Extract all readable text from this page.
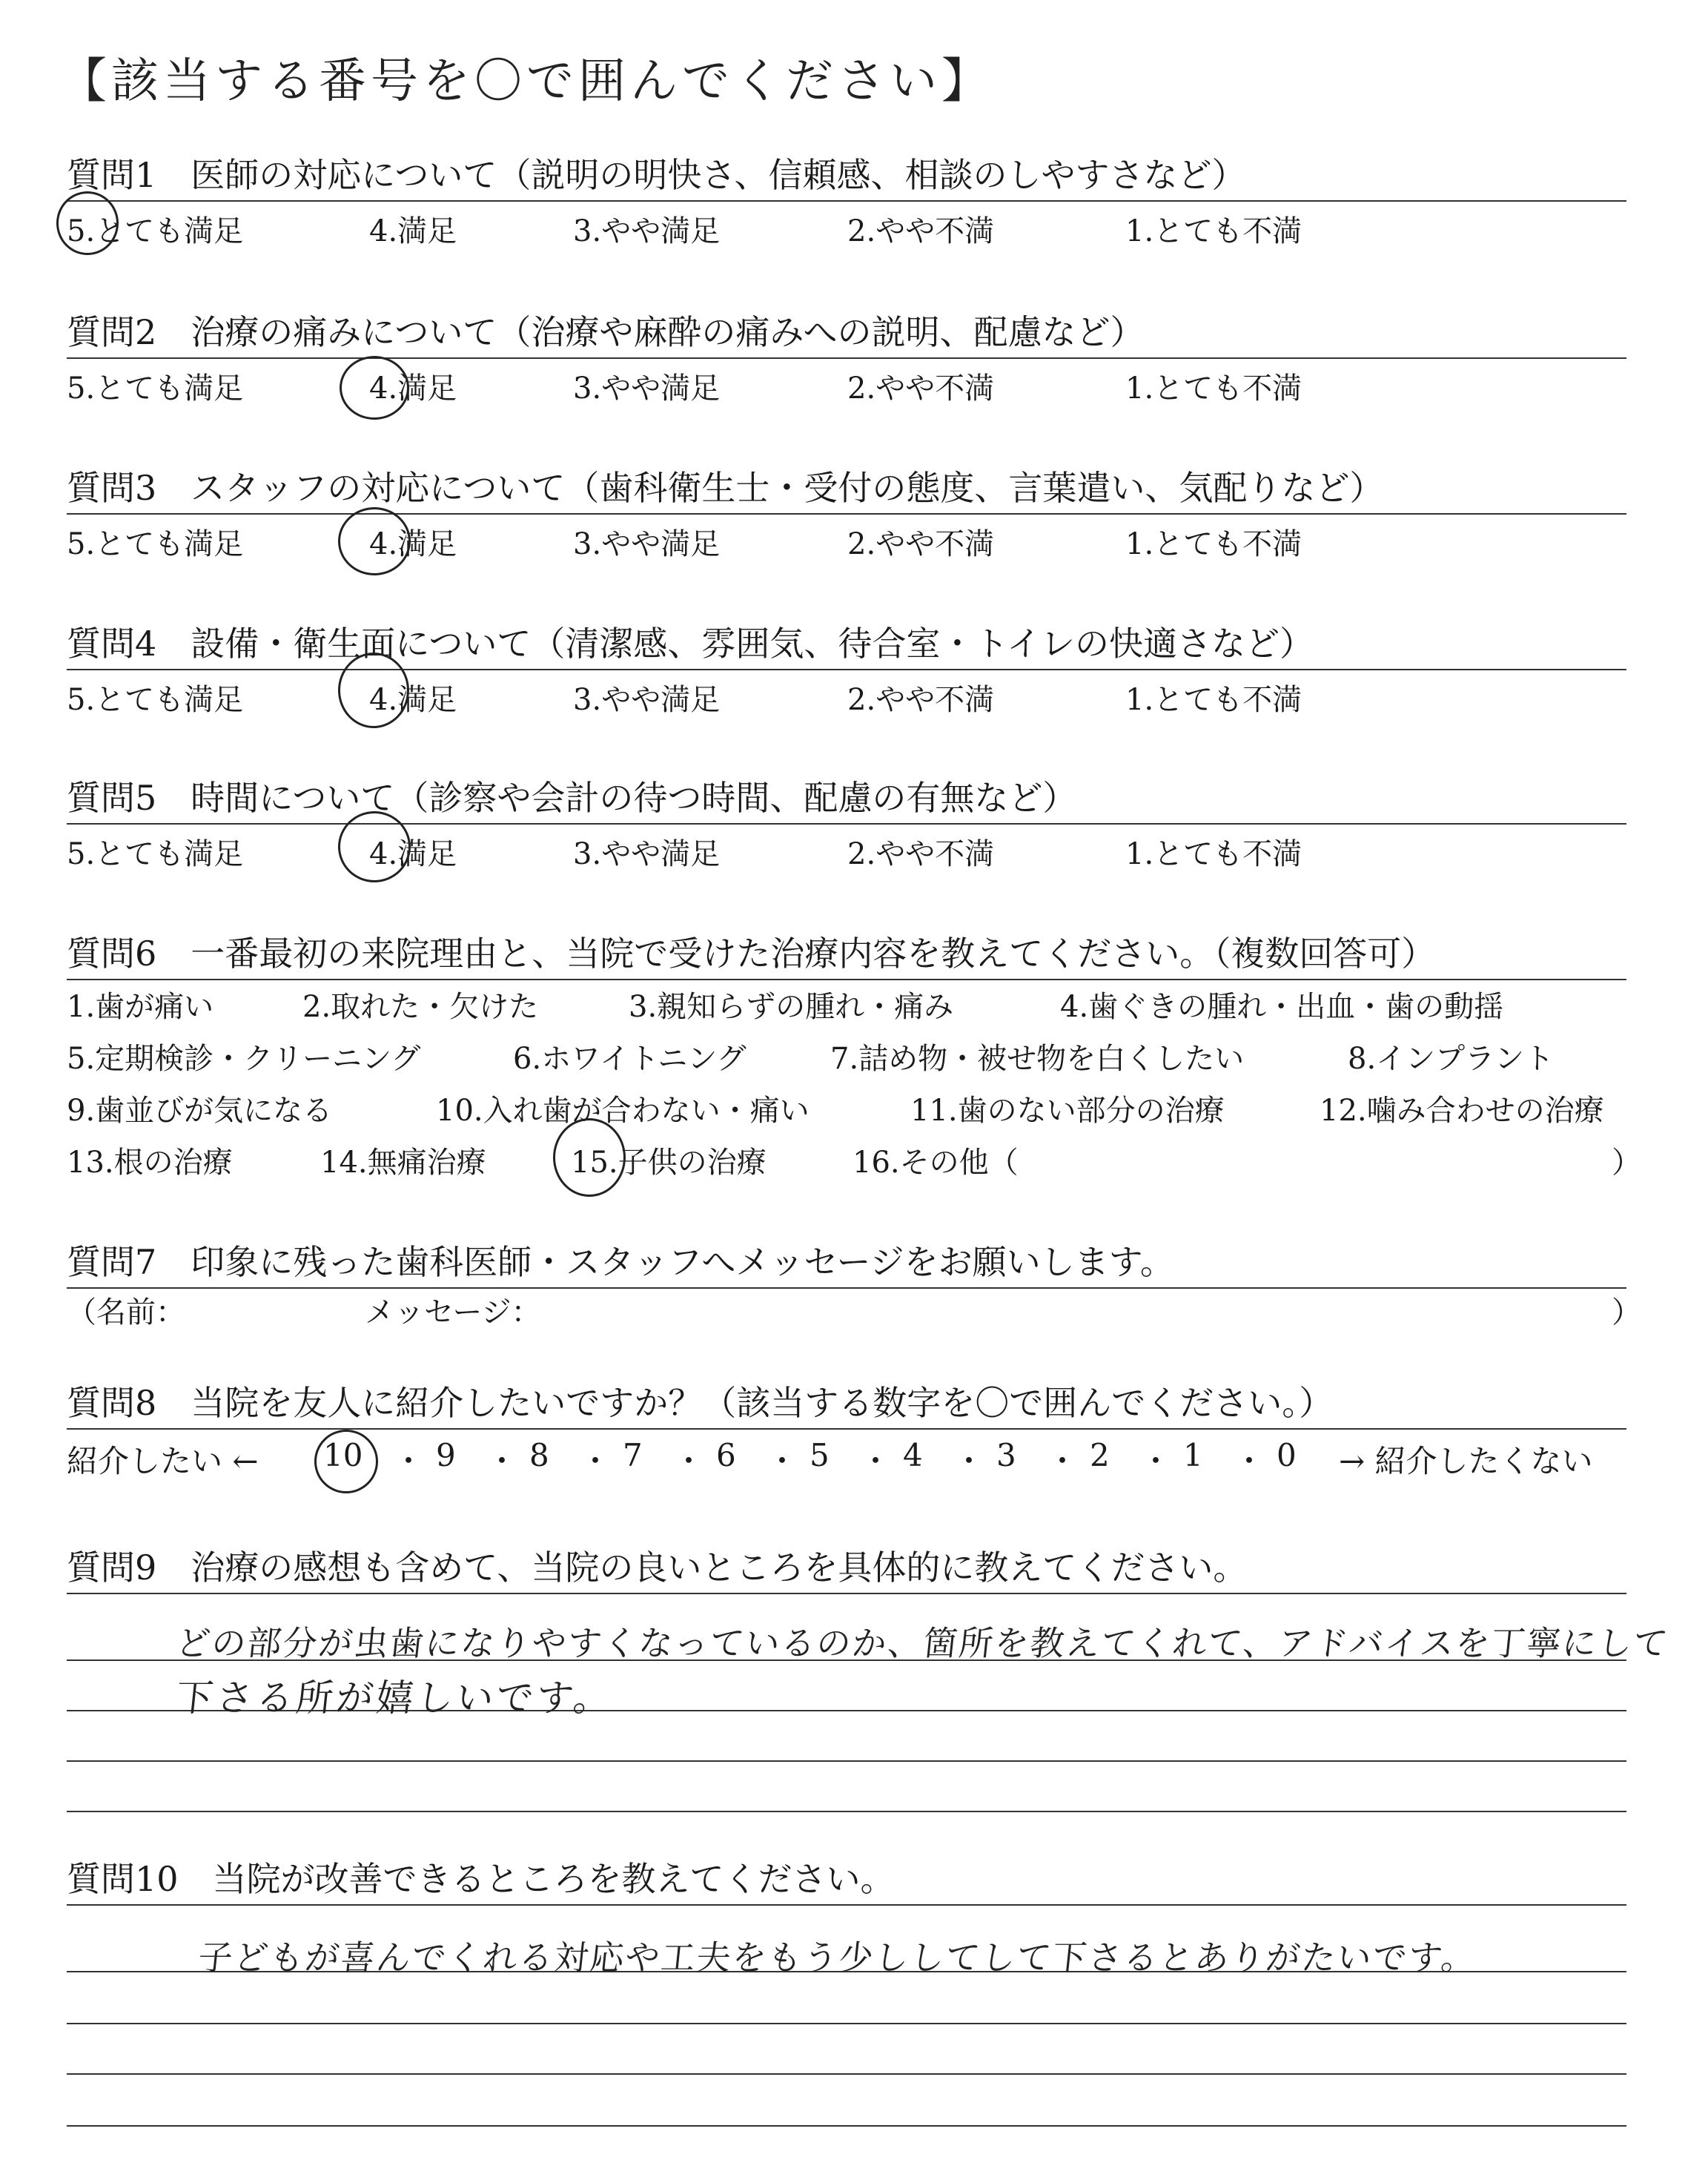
【該当する番号を〇で囲んでください】
質問1　 医師の対応について（説明の明快さ、信頼感、相談のしやすさなど）
5.とても満足	4.満足	3.やや満足	2.やや不満	1.とても不満
質問2　 治療の痛みについて（治療や麻酔の痛みへの説明、配慮など）
5.とても満足	4.満足	3.やや満足	2.やや不満	1.とても不満
質問3　 スタッフの対応について（歯科衛生士・受付の態度、言葉遣い、気配りなど）
5.とても満足	4.満足	3.やや満足	2.やや不満	1.とても不満
質問4　 設備・衛生面について（清潔感、雰囲気、待合室・トイレの快適さなど）
5.とても満足	4.満足	3.やや満足	2.やや不満	1.とても不満
質問5　 時間について（診察や会計の待つ時間、配慮の有無など）
5.とても満足	4.満足	3.やや満足	2.やや不満	1.とても不満
質問6　 一番最初の来院理由と、当院で受けた治療内容を教えてください。（複数回答可）
1.歯が痛い	2.取れた・欠けた	3.親知らずの腫れ・痛み	4.歯ぐきの腫れ・出血・歯の動揺
5.定期検診・クリーニング	6.ホワイトニング	7.詰め物・被せ物を白くしたい	8.インプラント
9.歯並びが気になる	10.入れ歯が合わない・痛い	11.歯のない部分の治療	12.噛み合わせの治療
13.根の治療	14.無痛治療	15.子供の治療	16.その他（	）
質問7　 印象に残った歯科医師・スタッフへメッセージをお願いします。
（名前：	メッセージ：	）
質問8　 当院を友人に紹介したいですか？（該当する数字を〇で囲んでください。）
紹介したい ← 10 ・ 9 ・ 8 ・ 7 ・ 6 ・ 5 ・ 4 ・ 3 ・ 2 ・ 1 ・ 0 → 紹介したくない
質問9　 治療の感想も含めて、当院の良いところを具体的に教えてください。
どの部分が虫歯になりやすくなっているのか、箇所を教えてくれて、アドバイスを丁寧にして
下さる所が嬉しいです。
質問10　 当院が改善できるところを教えてください。
子どもが喜んでくれる対応や工夫をもう少ししてして下さるとありがたいです。
